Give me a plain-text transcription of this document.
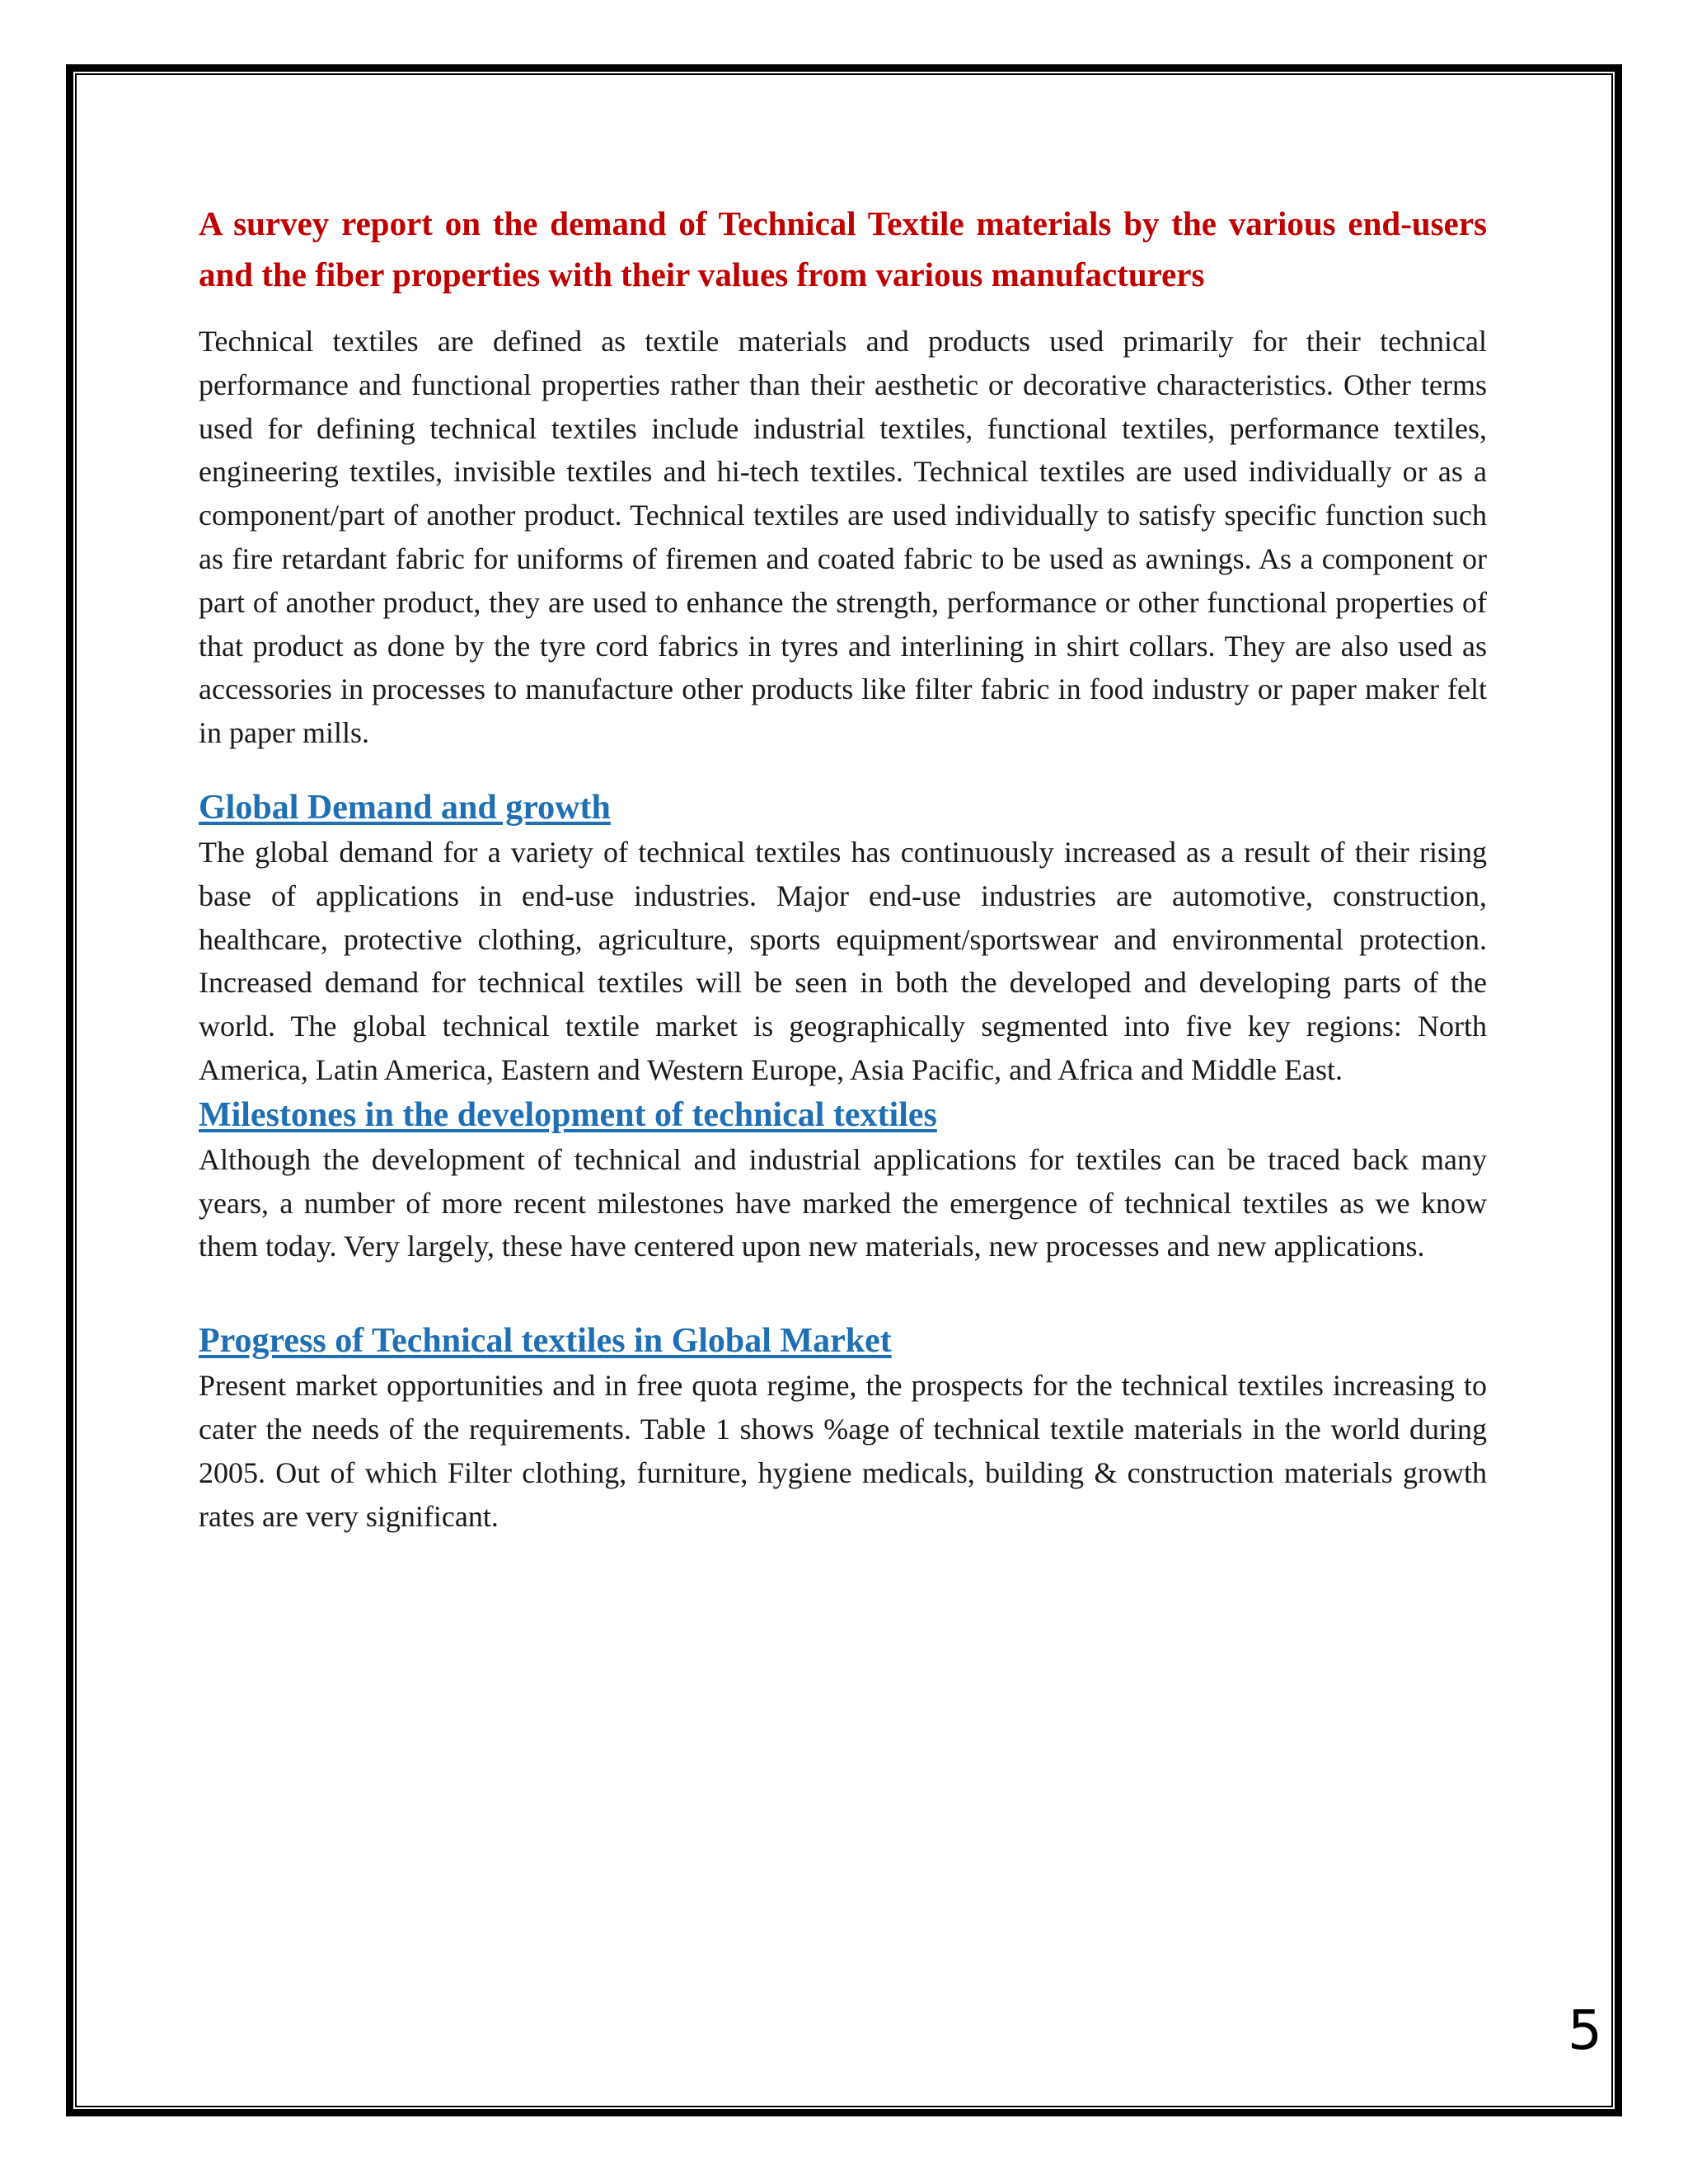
A survey report on the demand of Technical Textile materials by the various end-users and the fiber properties with their values from various manufacturers

Technical textiles are defined as textile materials and products used primarily for their technical performance and functional properties rather than their aesthetic or decorative characteristics. Other terms used for defining technical textiles include industrial textiles, functional textiles, performance textiles, engineering textiles, invisible textiles and hi-tech textiles. Technical textiles are used individually or as a component/part of another product. Technical textiles are used individually to satisfy specific function such as fire retardant fabric for uniforms of firemen and coated fabric to be used as awnings. As a component or part of another product, they are used to enhance the strength, performance or other functional properties of that product as done by the tyre cord fabrics in tyres and interlining in shirt collars. They are also used as accessories in processes to manufacture other products like filter fabric in food industry or paper maker felt in paper mills.

Global Demand and growth

The global demand for a variety of technical textiles has continuously increased as a result of their rising base of applications in end-use industries. Major end-use industries are automotive, construction, healthcare, protective clothing, agriculture, sports equipment/sportswear and environmental protection. Increased demand for technical textiles will be seen in both the developed and developing parts of the world. The global technical textile market is geographically segmented into five key regions: North America, Latin America, Eastern and Western Europe, Asia Pacific, and Africa and Middle East.

Milestones in the development of technical textiles

Although the development of technical and industrial applications for textiles can be traced back many years, a number of more recent milestones have marked the emergence of technical textiles as we know them today. Very largely, these have centered upon new materials, new processes and new applications.

Progress of Technical textiles in Global Market

Present market opportunities and in free quota regime, the prospects for the technical textiles increasing to cater the needs of the requirements. Table 1 shows %age of technical textile materials in the world during 2005. Out of which Filter clothing, furniture, hygiene medicals, building & construction materials growth rates are very significant.

5
